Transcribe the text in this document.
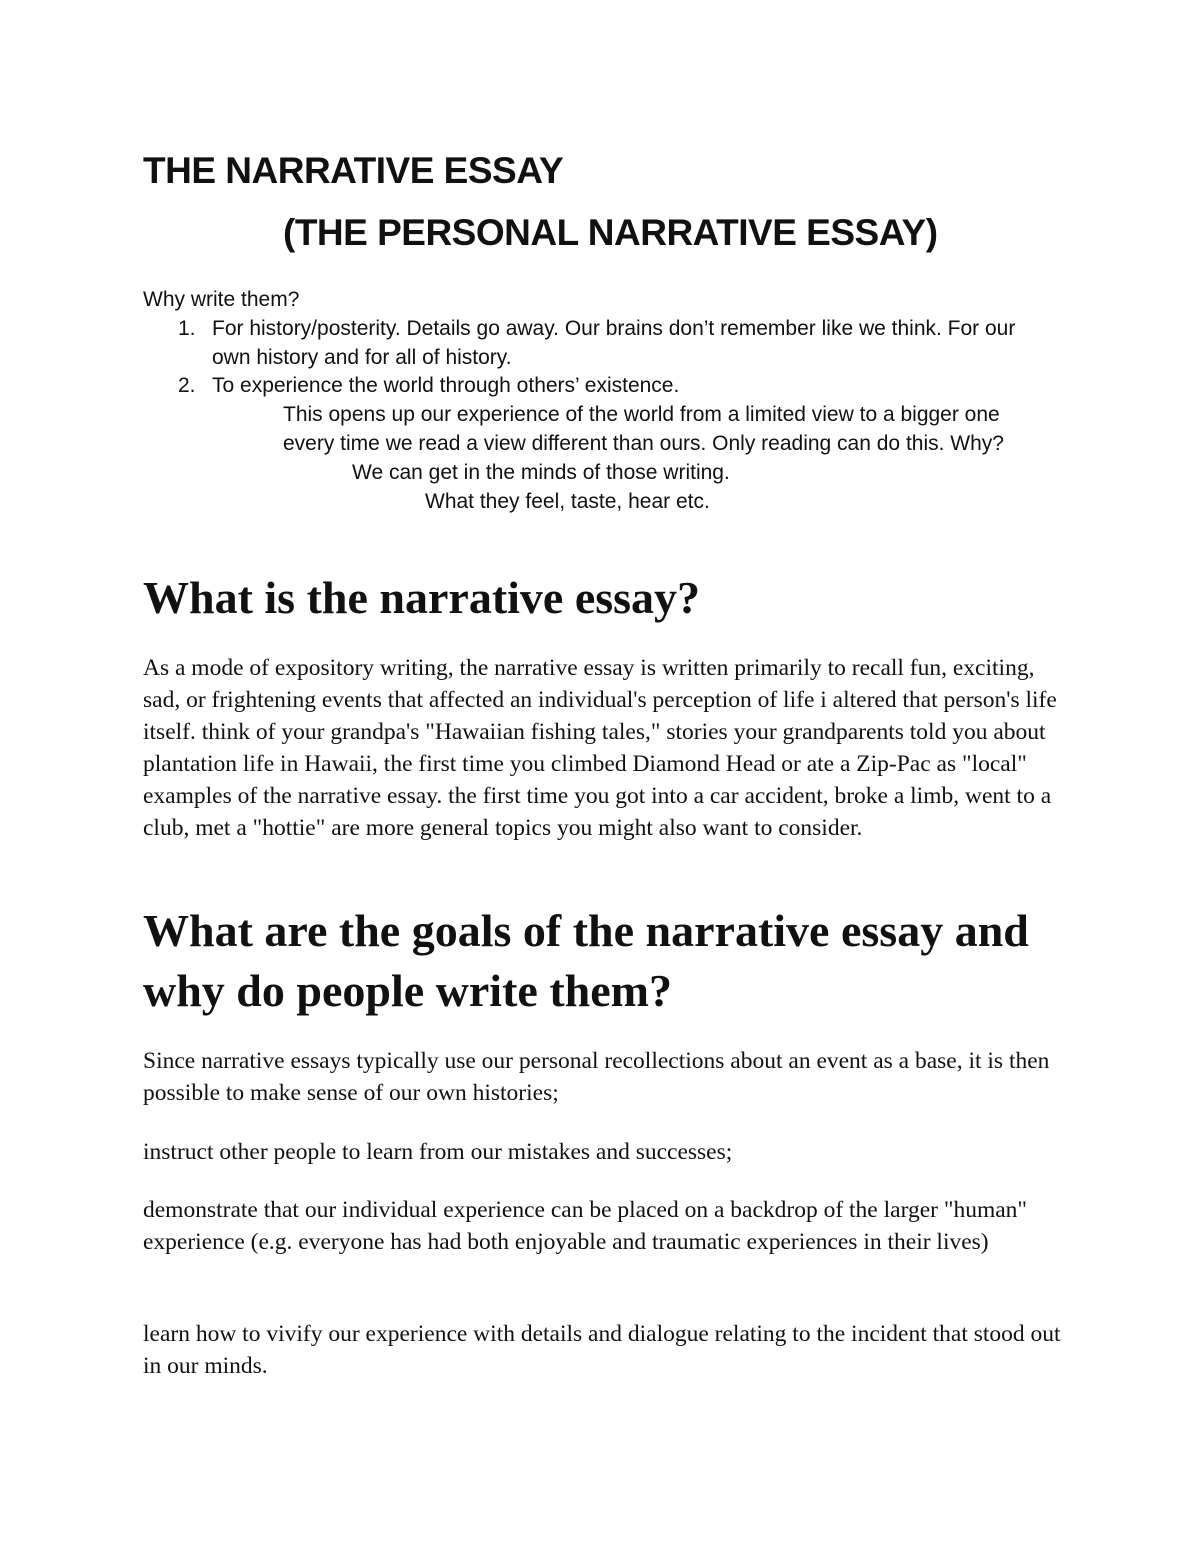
THE NARRATIVE ESSAY
(THE PERSONAL NARRATIVE ESSAY)
Why write them?
1. For history/posterity. Details go away. Our brains don’t remember like we think. For our
own history and for all of history.
2. To experience the world through others’ existence.
This opens up our experience of the world from a limited view to a bigger one
every time we read a view different than ours. Only reading can do this. Why?
We can get in the minds of those writing.
What they feel, taste, hear etc.
What is the narrative essay?
As a mode of expository writing, the narrative essay is written primarily to recall fun, exciting, sad, or frightening events that affected an individual's perception of life i altered that person's life itself. think of your grandpa's "Hawaiian fishing tales," stories your grandparents told you about plantation life in Hawaii, the first time you climbed Diamond Head or ate a Zip-Pac as "local" examples of the narrative essay. the first time you got into a car accident, broke a limb, went to a club, met a "hottie" are more general topics you might also want to consider.
What are the goals of the narrative essay and
why do people write them?
Since narrative essays typically use our personal recollections about an event as a base, it is then possible to make sense of our own histories;
instruct other people to learn from our mistakes and successes;
demonstrate that our individual experience can be placed on a backdrop of the larger "human" experience (e.g. everyone has had both enjoyable and traumatic experiences in their lives)
learn how to vivify our experience with details and dialogue relating to the incident that stood out in our minds.
